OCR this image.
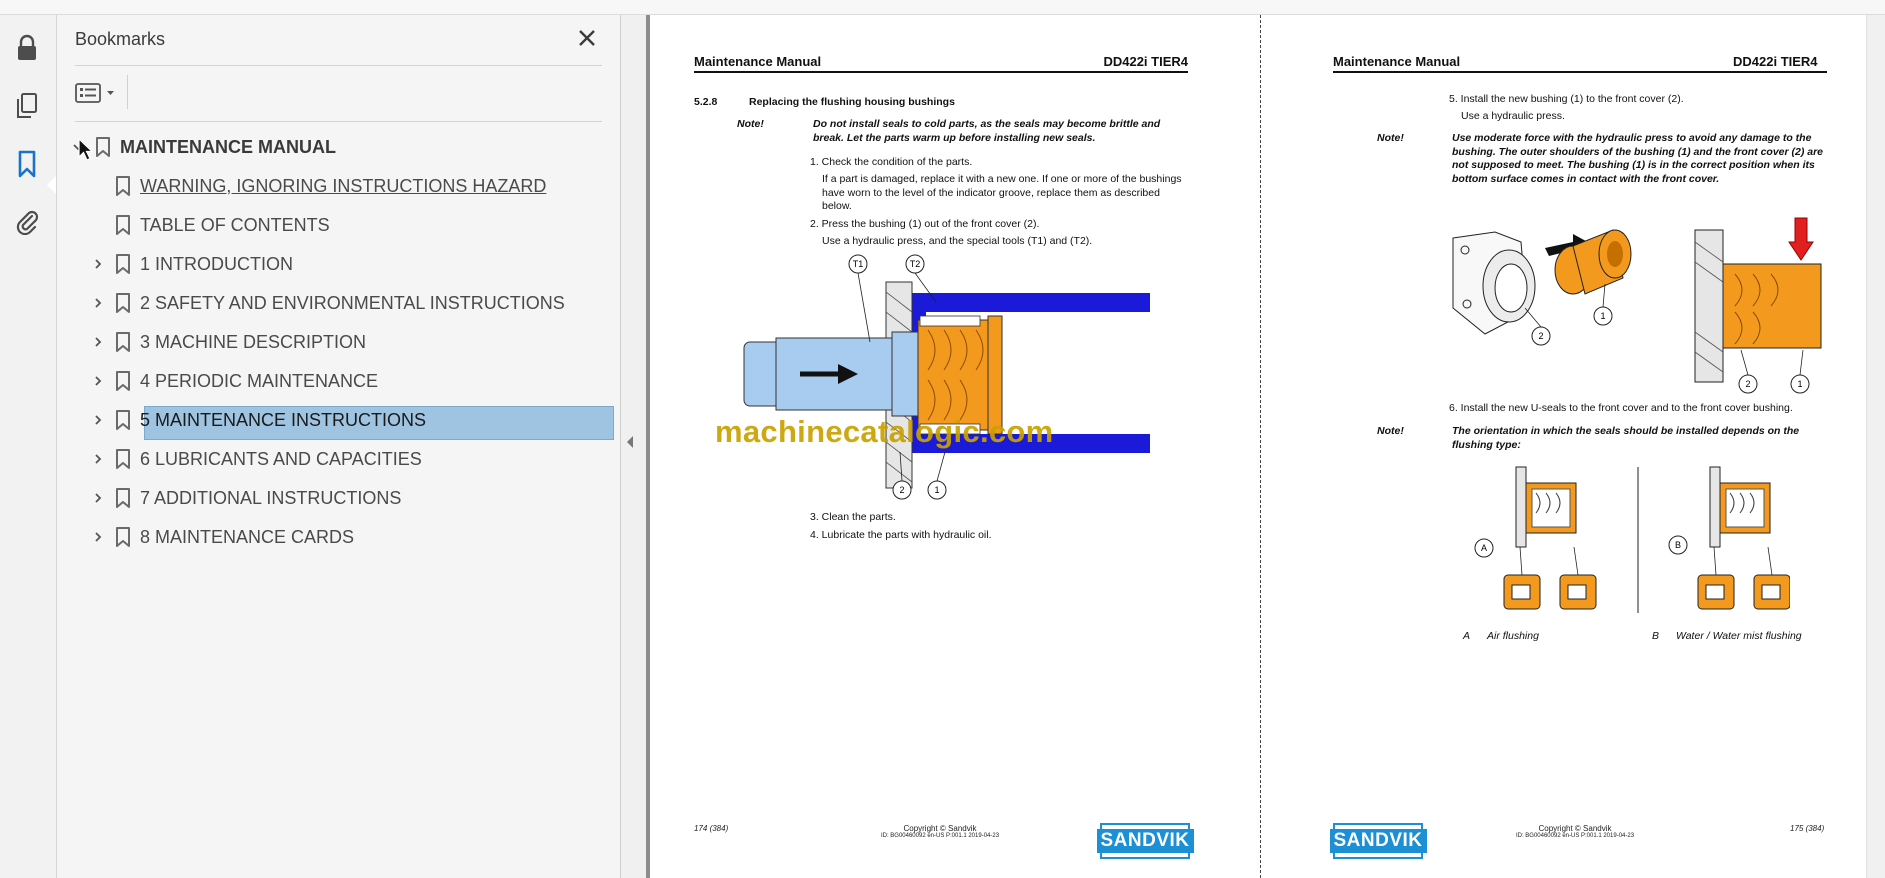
Bookmarks
MAINTENANCE MANUAL
WARNING, IGNORING INSTRUCTIONS HAZARD
TABLE OF CONTENTS
1 INTRODUCTION
2 SAFETY AND ENVIRONMENTAL INSTRUCTIONS
3 MACHINE DESCRIPTION
4 PERIODIC MAINTENANCE
5 MAINTENANCE INSTRUCTIONS
6 LUBRICANTS AND CAPACITIES
7 ADDITIONAL INSTRUCTIONS
8 MAINTENANCE CARDS
Maintenance Manual	DD422i TIER4
5.2.8	Replacing the flushing housing bushings
Note!	Do not install seals to cold parts, as the seals may become brittle and break. Let the parts warm up before installing new seals.
1. Check the condition of the parts.
If a part is damaged, replace it with a new one. If one or more of the bushings have worn to the level of the indicator groove, replace them as described below.
2. Press the bushing (1) out of the front cover (2).
Use a hydraulic press, and the special tools (T1) and (T2).
T1	T2
2	1
3. Clean the parts.
4. Lubricate the parts with hydraulic oil.
174 (384)	Copyright © Sandvik
ID: BG00460092 en-US P:001.1 2019-04-23	SANDVIK
Maintenance Manual	DD422i TIER4
5. Install the new bushing (1) to the front cover (2).
Use a hydraulic press.
Note!	Use moderate force with the hydraulic press to avoid any damage to the bushing. The outer shoulders of the bushing (1) and the front cover (2) are not supposed to meet. The bushing (1) is in the correct position when its bottom surface comes in contact with the front cover.
2
1
2	1
6. Install the new U-seals to the front cover and to the front cover bushing.
Note!	The orientation in which the seals should be installed depends on the flushing type:
A	B
A Air flushing	B Water / Water mist flushing
SANDVIK
Copyright © Sandvik
ID: BG00460092 en-US P:001.1 2019-04-23
175 (384)
machinecatalogic.com
